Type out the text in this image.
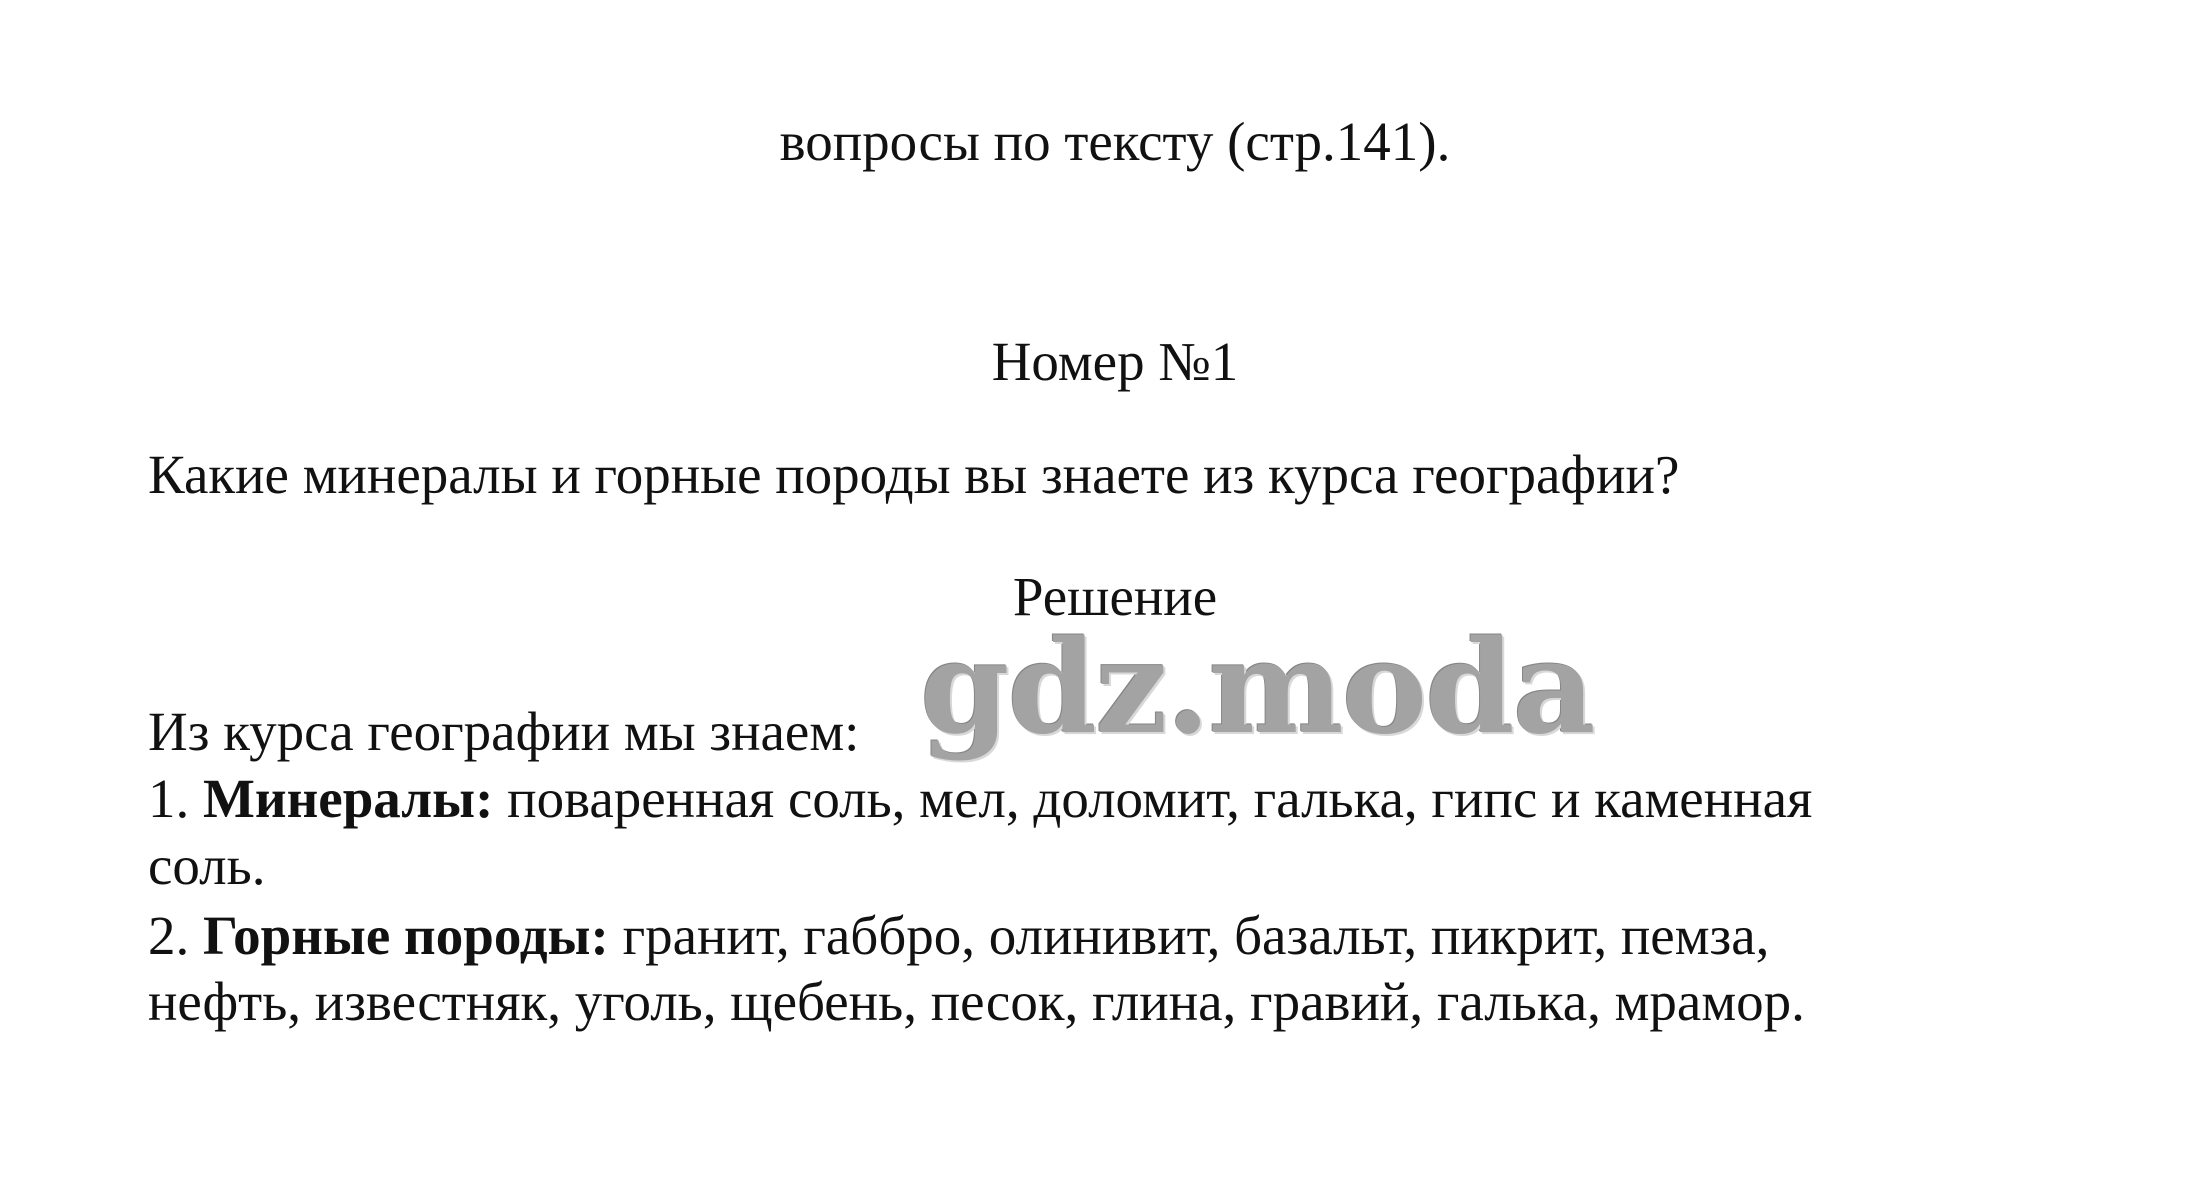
вопросы по тексту (стр.141).
Номер №1
Какие минералы и горные породы вы знаете из курса географии?
Решение
Из курса географии мы знаем:
1. Минералы: поваренная соль, мел, доломит, галька, гипс и каменная
соль.
2. Горные породы: гранит, габбро, олинивит, базальт, пикрит, пемза,
нефть, известняк, уголь, щебень, песок, глина, гравий, галька, мрамор.
gdz.moda
